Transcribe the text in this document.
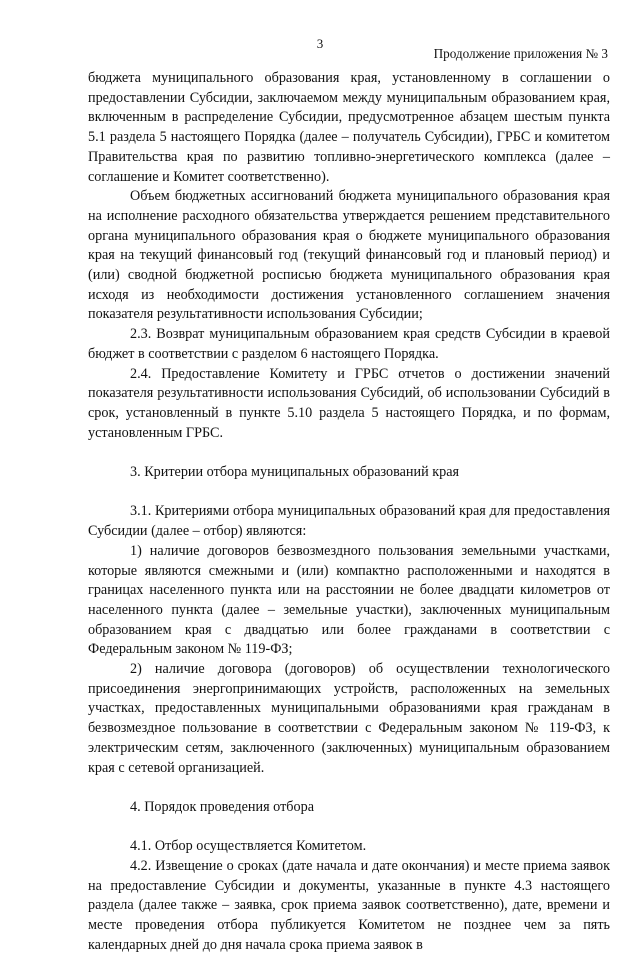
3
Продолжение приложения № 3

бюджета муниципального образования края, установленному в соглашении о предоставлении Субсидии, заключаемом между муниципальным образованием края, включенным в распределение Субсидии, предусмотренное абзацем шестым пункта 5.1 раздела 5 настоящего Порядка (далее – получатель Субсидии), ГРБС и комитетом Правительства края по развитию топливно-энергетического комплекса (далее – соглашение и Комитет соответственно).

Объем бюджетных ассигнований бюджета муниципального образования края на исполнение расходного обязательства утверждается решением представительного органа муниципального образования края о бюджете муниципального образования края на текущий финансовый год (текущий финансовый год и плановый период) и (или) сводной бюджетной росписью бюджета муниципального образования края исходя из необходимости достижения установленного соглашением значения показателя результативности использования Субсидии;

2.3. Возврат муниципальным образованием края средств Субсидии в краевой бюджет в соответствии с разделом 6 настоящего Порядка.

2.4. Предоставление Комитету и ГРБС отчетов о достижении значений показателя результативности использования Субсидий, об использовании Субсидий в срок, установленный в пункте 5.10 раздела 5 настоящего Порядка, и по формам, установленным ГРБС.

3. Критерии отбора муниципальных образований края

3.1. Критериями отбора муниципальных образований края для предоставления Субсидии (далее – отбор) являются:

1) наличие договоров безвозмездного пользования земельными участками, которые являются смежными и (или) компактно расположенными и находятся в границах населенного пункта или на расстоянии не более двадцати километров от населенного пункта (далее – земельные участки), заключенных муниципальным образованием края с двадцатью или более гражданами в соответствии с Федеральным законом № 119-ФЗ;

2) наличие договора (договоров) об осуществлении технологического присоединения энергопринимающих устройств, расположенных на земельных участках, предоставленных муниципальными образованиями края гражданам в безвозмездное пользование в соответствии с Федеральным законом № 119-ФЗ, к электрическим сетям, заключенного (заключенных) муниципальным образованием края с сетевой организацией.

4. Порядок проведения отбора

4.1. Отбор осуществляется Комитетом.

4.2. Извещение о сроках (дате начала и дате окончания) и месте приема заявок на предоставление Субсидии и документы, указанные в пункте 4.3 настоящего раздела (далее также – заявка, срок приема заявок соответственно), дате, времени и месте проведения отбора публикуется Комитетом не позднее чем за пять календарных дней до дня начала срока приема заявок в
